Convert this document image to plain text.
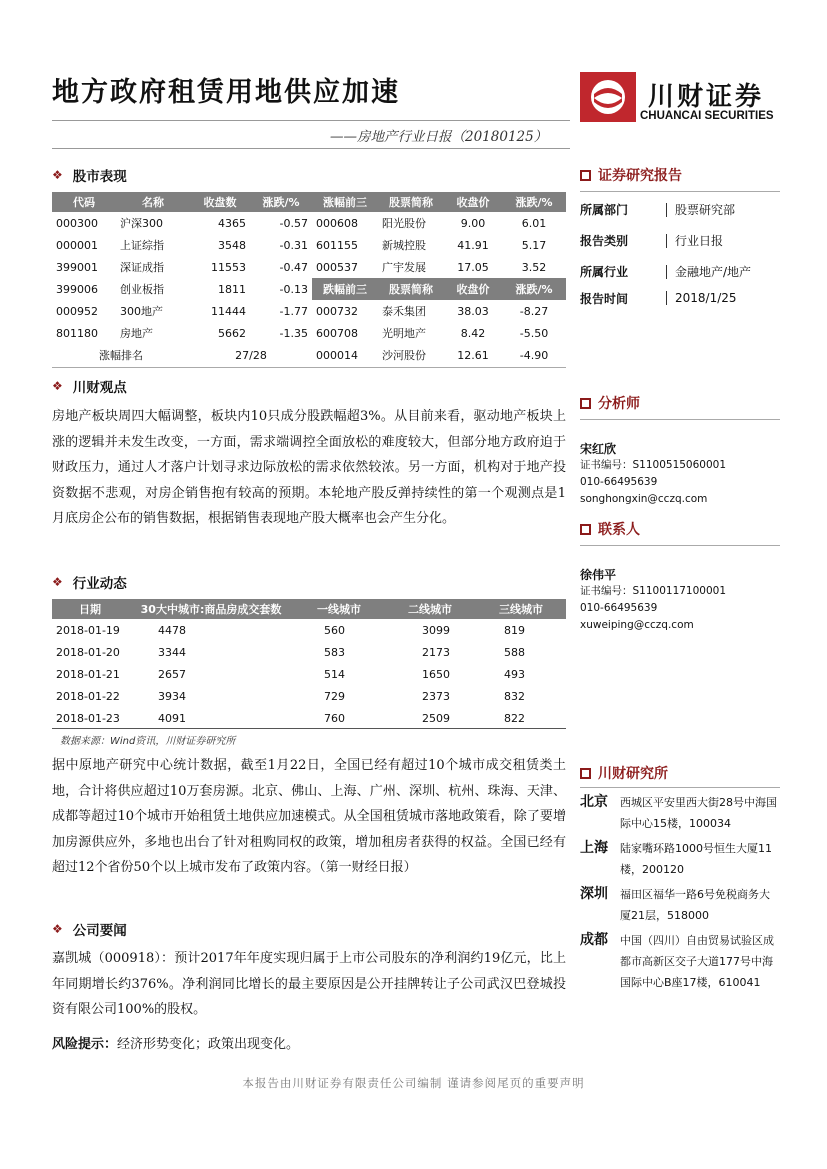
地方政府租赁用地供应加速	川财证券
CHUANCAI SECURITIES
——房地产行业日报（20180125）
❖ 股市表现
代码	名称	收盘数	涨跌/%	涨幅前三	股票简称	收盘价	涨跌/%
000300	沪深300	4365	-0.57	000608	阳光股份	9.00	6.01
000001	上证综指	3548	-0.31	601155	新城控股	41.91	5.17
399001	深证成指	11553	-0.47	000537	广宇发展	17.05	3.52
399006	创业板指	1811	-0.13	跌幅前三	股票简称	收盘价	涨跌/%
000952	300地产	11444	-1.77	000732	泰禾集团	38.03	-8.27
801180	房地产	5662	-1.35	600708	光明地产	8.42	-5.50
涨幅排名		27/28		000014	沙河股份	12.61	-4.90
❖ 川财观点
房地产板块周四大幅调整，板块内10只成分股跌幅超3%。从目前来看，驱动地产板块上涨的逻辑并未发生改变，一方面，需求端调控全面放松的难度较大，但部分地方政府迫于财政压力，通过人才落户计划寻求边际放松的需求依然较浓。另一方面，机构对于地产投资数据不悲观，对房企销售抱有较高的预期。本轮地产股反弹持续性的第一个观测点是1月底房企公布的销售数据，根据销售表现地产股大概率也会产生分化。
❖ 行业动态
日期	30大中城市:商品房成交套数	一线城市	二线城市	三线城市
2018-01-19	4478	560	3099	819
2018-01-20	3344	583	2173	588
2018-01-21	2657	514	1650	493
2018-01-22	3934	729	2373	832
2018-01-23	4091	760	2509	822
数据来源：Wind资讯，川财证券研究所
据中原地产研究中心统计数据，截至1月22日，全国已经有超过10个城市成交租赁类土地，合计将供应超过10万套房源。北京、佛山、上海、广州、深圳、杭州、珠海、天津、成都等超过10个城市开始租赁土地供应加速模式。从全国租赁城市落地政策看，除了要增加房源供应外，多地也出台了针对租购同权的政策，增加租房者获得的权益。全国已经有超过12个省份50个以上城市发布了政策内容。（第一财经日报）
❖ 公司要闻
嘉凯城（000918）：预计2017年年度实现归属于上市公司股东的净利润约19亿元，比上年同期增长约376%。净利润同比增长的最主要原因是公开挂牌转让子公司武汉巴登城投资有限公司100%的股权。
风险提示：经济形势变化；政策出现变化。
证券研究报告
所属部门	股票研究部
报告类别	行业日报
所属行业	金融地产/地产
报告时间	2018/1/25
分析师
宋红欣
证书编号：S1100515060001
010-66495639
songhongxin@cczq.com
联系人
徐伟平
证书编号：S1100117100001
010-66495639
xuweiping@cczq.com
川财研究所
北京	西城区平安里西大街28号中海国际中心15楼，100034
上海	陆家嘴环路1000号恒生大厦11楼，200120
深圳	福田区福华一路6号免税商务大厦21层，518000
成都	中国（四川）自由贸易试验区成都市高新区交子大道177号中海国际中心B座17楼，610041
本报告由川财证券有限责任公司编制 谨请参阅尾页的重要声明
